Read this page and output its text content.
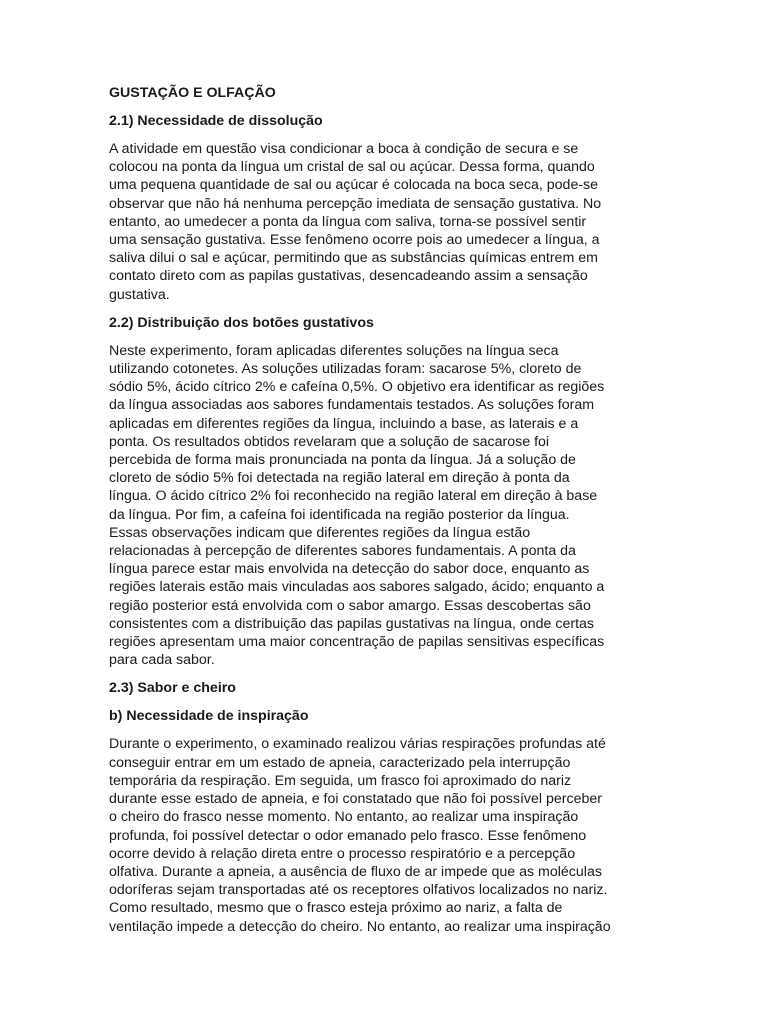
GUSTAÇÃO E OLFAÇÃO
2.1) Necessidade de dissolução
A atividade em questão visa condicionar a boca à condição de secura e se
colocou na ponta da língua um cristal de sal ou açúcar. Dessa forma, quando
uma pequena quantidade de sal ou açúcar é colocada na boca seca, pode-se
observar que não há nenhuma percepção imediata de sensação gustativa. No
entanto, ao umedecer a ponta da língua com saliva, torna-se possível sentir
uma sensação gustativa. Esse fenômeno ocorre pois ao umedecer a língua, a
saliva dilui o sal e açúcar, permitindo que as substâncias químicas entrem em
contato direto com as papilas gustativas, desencadeando assim a sensação
gustativa.
2.2) Distribuição dos botões gustativos
Neste experimento, foram aplicadas diferentes soluções na língua seca
utilizando cotonetes. As soluções utilizadas foram: sacarose 5%, cloreto de
sódio 5%, ácido cítrico 2% e cafeína 0,5%. O objetivo era identificar as regiões
da língua associadas aos sabores fundamentais testados. As soluções foram
aplicadas em diferentes regiões da língua, incluindo a base, as laterais e a
ponta. Os resultados obtidos revelaram que a solução de sacarose foi
percebida de forma mais pronunciada na ponta da língua. Já a solução de
cloreto de sódio 5% foi detectada na região lateral em direção à ponta da
língua. O ácido cítrico 2% foi reconhecido na região lateral em direção à base
da língua. Por fim, a cafeína foi identificada na região posterior da língua.
Essas observações indicam que diferentes regiões da língua estão
relacionadas à percepção de diferentes sabores fundamentais. A ponta da
língua parece estar mais envolvida na detecção do sabor doce, enquanto as
regiões laterais estão mais vinculadas aos sabores salgado, ácido; enquanto a
região posterior está envolvida com o sabor amargo. Essas descobertas são
consistentes com a distribuição das papilas gustativas na língua, onde certas
regiões apresentam uma maior concentração de papilas sensitivas específicas
para cada sabor.
2.3) Sabor e cheiro
b) Necessidade de inspiração
Durante o experimento, o examinado realizou várias respirações profundas até
conseguir entrar em um estado de apneia, caracterizado pela interrupção
temporária da respiração. Em seguida, um frasco foi aproximado do nariz
durante esse estado de apneia, e foi constatado que não foi possível perceber
o cheiro do frasco nesse momento. No entanto, ao realizar uma inspiração
profunda, foi possível detectar o odor emanado pelo frasco. Esse fenômeno
ocorre devido à relação direta entre o processo respiratório e a percepção
olfativa. Durante a apneia, a ausência de fluxo de ar impede que as moléculas
odoríferas sejam transportadas até os receptores olfativos localizados no nariz.
Como resultado, mesmo que o frasco esteja próximo ao nariz, a falta de
ventilação impede a detecção do cheiro. No entanto, ao realizar uma inspiração
